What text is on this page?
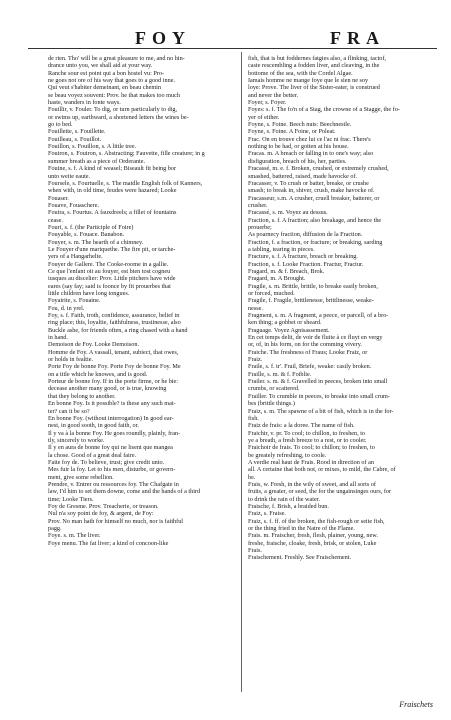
FOY	FRA
de rien. Tho' will be a great pleasure to me, and no hin-
drance unto you, we shall aid at your way.
Ranche sour est point qui a bon hostel vu: Pro-
ne goes not ore of his way that goes to a good inne.
Qui veut s'habiter demeinant, en beau chemin
se beau voyez souvent: Prov. he that makes too much
haste, wanders in fonte ways.
Fouillir, v. Fouler. To dig, or turn particularly to dig,
or swims up, earthward, a shortened letters the wines be-
go to bed.
Fouillette, s. Fouillette.
Fouilleau, s. Fouillot.
Fouillon, s. Fouillon, s. A little tree.
Fouiron, s. Fouiron, s. Abstracting; Fauvette, fille creature; in g
summer breath as a piece of Orderante.
Fouine, s. f. A kind of weasel; Biseault fit being bor
unto weite eaute.
Foursele, s. Fourtuelle, s. The maidle English folk of Kanners,
when with, in old time, feudes were hazared; Looke
Fouaser.
Fouave, Fouaschere.
Fouira, s. Fourtus. A fauxdreels; a fillet of fountains
cease.
Fouri, s. f. (the Participle of Foire)
Fouyable, s. Fouace. Banabon.
Fouyer, s. m. The hearth of a chimney.
Le Fouyer d'une mariquethe. The fire pit, or tarche-
yers of a Hangarhelte.
Fouyer de Gallere. The Cooke-roome in a gallie.
Ce que l'enfant oit au fouyer, est bien tost cogneu
iusques au discelier: Prov. Little pitchers have wide
eares (say fay; said is foonce by fit prouerbes that
little children have long tongues.
Foyairite, s. Fouaine.
Fou, d. in yrel.
Foy, s. f. Faith, troth, confidence, assurance, belief in
ring place; this, loyaltie, faithfulness, trustinesse, also
Buckle ashe, for friends often, a ring chased with a hand
in hand.
Demoison de Foy. Looke Demoison.
Homme de Foy. A vassall, tenant, subiect, that owes,
or holds in fealtie.
Porte Foy de bonne Foy. Porte Foy de bonne Foy. Me
on a title which he knowes, and is good.
Porteur de bonne foy. If in the porte firme, or he bie:
decease another many good, or is true, knowing
that they belong to another.
En bonne Foy. Is it possible? is these any such mat-
ter? can it be so?
En bonne Foy. (without interrogation) In good ear-
nest, in good sooth, in good faith, or.
Il y va à la bonne Foy. He goes roundly, plainly, fran-
tly, sincerely to worke.
Il y en aura de bonne foy qui ne lisent que mangea
la chose. Good of a great deal faire.
Faite foy de. To believe, trust; give credit unto.
Mes fuir la foy. Let to his men, disturbe, or govern-
ment, give some rebellion.
Prendre, v. Entrer ou ressources foy. The Chafgate in
law, I'd him to set them downe, come and the hands of a third
time; Looke Tiers.
Foy de Gresme. Prov. Treacherie, or treason.
Nul n'a soy point de foy, & argent, de Foy:
Prov. No man hath for himself no much, nor is faithful
pagg.
Foye. s. m. The liver.
Foye menu. The fat liver; a kind of concoon-like
fish, that is but foddernes fatgies also, a flinking, tactof,
caste rescembling a fodden liver, and cleaving, in the
bottome of the sea, with the Cordel Algae.
Iamais homme ne mange foye que le sien ne soy
loye: Prove. The liver of the Sister-eater, is construed
and never the better.
Foyer, s. Foyer.
Foyes: s. f. The fo'n of a Stag, the crowne of a Stagge, the fo-
yer of either.
Foyne, s. Foine. Beech nuts: Beechnestle.
Foyne, s. Foine. A Foine, or Poleat.
Frac. On en trouve chez lui ce l'ac ni frac. There's
nothing to be had, or gotten at his house.
Fracas. m. A breach or falling in to one's way; also
disfiguration, breach of his, her, parties.
Fracassé, m. e. f. Broken, crushed, or extremely crushed,
smashed, battered, raised, made havocke of.
Fracasser, v. To crush or batter, breake, or crushe
smash; to break in, shiver, crush, make havocke of.
Fracasseur, s.m. A crusher, cruell breaker, batterer, or
crusher.
Fracassé, s. m. Voyez au dessus.
Fraction, s. f. A fraction; also breakage, and hence the
prouerbe;
As poarnecy fraction, diffusion de la Fraction.
Fraction, f. a fraction, or fracture; or breaking, sarding
a tabling, tearing in pieces.
Fracture, s. f. A fracture, breach or breaking.
Fraction, s. f. Looke Fraction. Fractur, Fractur.
Fragard, m. & f. Breach, Brok.
Fragard, m. A Brought.
Fragile, s. m. Brittle, brittle, to breake easily broken,
or forced, muched.
Fragile, f. Fragile, brittlenesse, brittlinesse, weake-
nesse.
Fragment, s. m. A fragment, a peece, or parcell, of a bro-
ken thing; a gobbet or sheard.
Fraguage. Voyez Agnisassement.
En cet temps delit, de voir de fluite à ce fluyt en vergy
or, of, in his form, on for the comming vivery.
Fraiche. The freshness of Fraus; Looke Fraiz, or
Fraiz.
Fraile, s. f. tr'. Frail, Briefe, weake: casily broken.
Fraille, s. m. & f. Foiblie.
Frailer. s. m. & f. Gravelled in peeces, broken into small
crumbs, or scattered.
Frailler. To crumble in peeces, to breake into small crum-
bes (brittle things.)
Fraiz, s. m. The spawne of a bit of fish, which is in the for-
fish.
Fraiz de frais: a la doree. The name of fish.
Fraichir, v. pr. To cool; to chillon, to freshen, to
ye a breath, a fresh breeze to a rest, or to cooler.
Fraichoir de frais. To cool; to chillon; to freshen, to
be greately refreshing, to coole.
A verdie real haut de Frais. Rood in direction of an
all. A certaine that both not, or mixes, to mild, the Cabre, of
be.
Frais, w. Fresh, in the wily of sweet, and all sorts of
fruits, a greater, or seed, the for the ungainsinges ours, for
to drink the rain of the water.
Fraische, f. Brish, a braided bun.
Fraiz, s. Fraise.
Fraiz, s. f. ff. of the broken, the fish-rough or seite fish,
or the thing fried in the Natre of the Flame.
Frais. m. Fraischer, fresh, flesh, plainer, young, new.
freshe, fraische, cloake, fresh, brisk, or stolen, Luke
Frais.
Fraischement. Freshly. See Fraischement.
Fraischets
